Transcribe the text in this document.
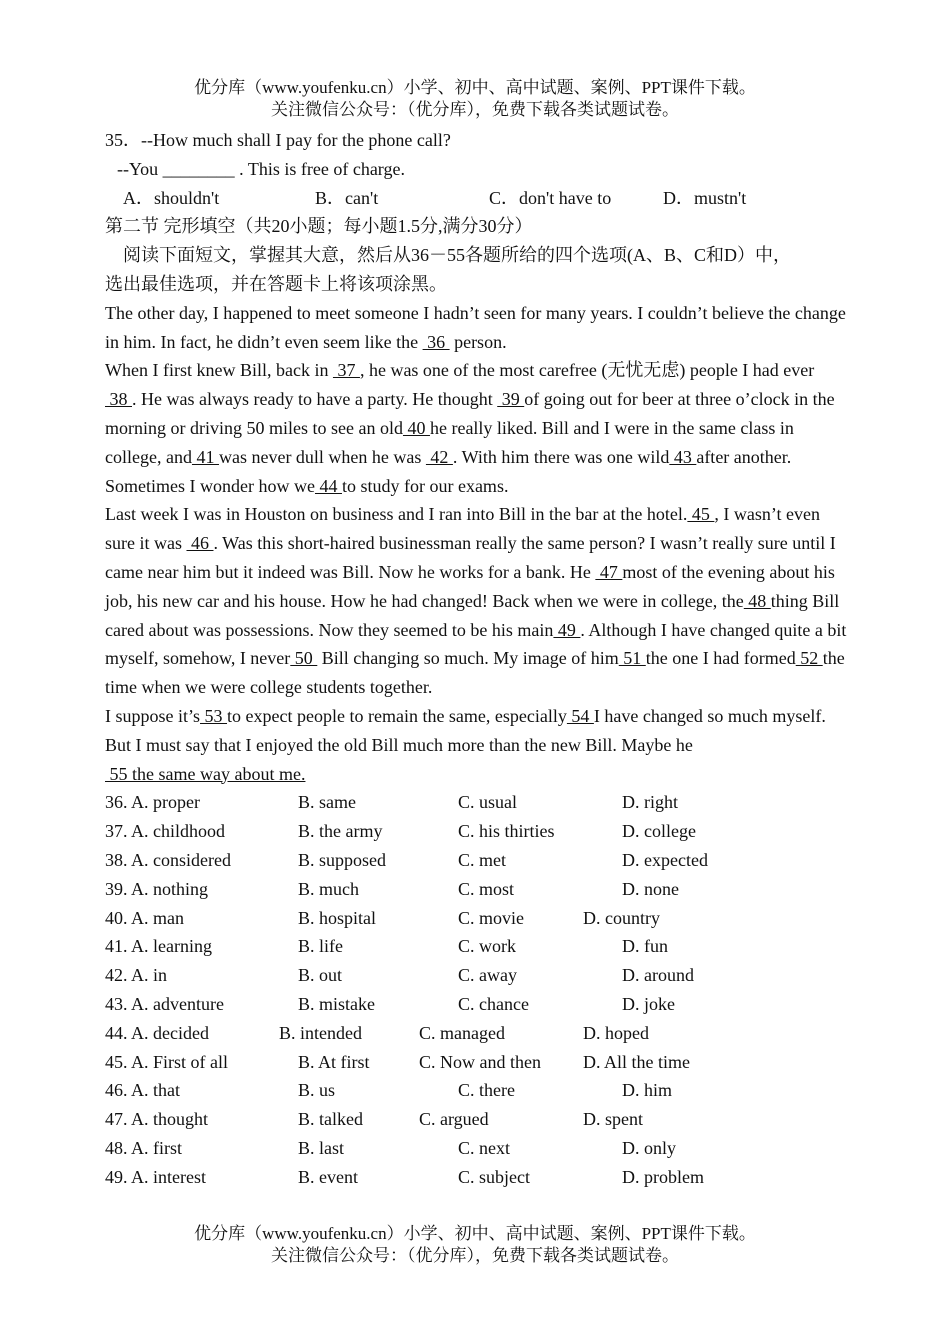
优分库（www.youfenku.cn）小学、初中、高中试题、案例、PPT课件下载。
关注微信公众号：（优分库），免费下载各类试题试卷。
35．--How much shall I pay for the phone call?
--You ________ . This is free of charge.
A．shouldn't	B．can't	C．don't have to	D．mustn't
第二节 完形填空（共20小题；每小题1.5分,满分30分）
阅读下面短文，掌握其大意，然后从36－55各题所给的四个选项(A、B、C和D）中，
选出最佳选项，并在答题卡上将该项涂黑。
The other day, I happened to meet someone I hadn’t seen for many years. I couldn’t believe the change in him. In fact, he didn’t even seem like the  36  person.
When I first knew Bill, back in  37 , he was one of the most carefree (无忧无虑) people I had ever  38 . He was always ready to have a party. He thought  39 of going out for beer at three o’clock in the morning or driving 50 miles to see an old 40 he really liked. Bill and I were in the same class in college, and 41 was never dull when he was  42 . With him there was one wild 43 after another. Sometimes I wonder how we 44 to study for our exams.
Last week I was in Houston on business and I ran into Bill in the bar at the hotel. 45 , I wasn’t even sure it was  46 . Was this short-haired businessman really the same person? I wasn’t really sure until I came near him but it indeed was Bill. Now he works for a bank. He  47 most of the evening about his job, his new car and his house. How he had changed! Back when we were in college, the 48 thing Bill cared about was possessions. Now they seemed to be his main 49 . Although I have changed quite a bit myself, somehow, I never 50  Bill changing so much. My image of him 51 the one I had formed 52 the time when we were college students together.
I suppose it’s 53 to expect people to remain the same, especially 54 I have changed so much myself. But I must say that I enjoyed the old Bill much more than the new Bill. Maybe he 55 the same way about me.
36. A. proper	B. same	C. usual	D. right
37. A. childhood	B. the army	C. his thirties	D. college
38. A. considered	B. supposed	C. met	D. expected
39. A. nothing	B. much	C. most	D. none
40. A. man	B. hospital	C. movie	D. country
41. A. learning	B. life	C. work	D. fun
42. A. in	B. out	C. away	D. around
43. A. adventure	B. mistake	C. chance	D. joke
44. A. decided	B. intended	C. managed	D. hoped
45. A. First of all	B. At first	C. Now and then D. All the time
46. A. that	B. us	C. there	D. him
47. A. thought	B. talked	C. argued	D. spent
48. A. first	B. last	C. next	D. only
49. A. interest	B. event	C. subject	D. problem
优分库（www.youfenku.cn）小学、初中、高中试题、案例、PPT课件下载。
关注微信公众号：（优分库），免费下载各类试题试卷。
